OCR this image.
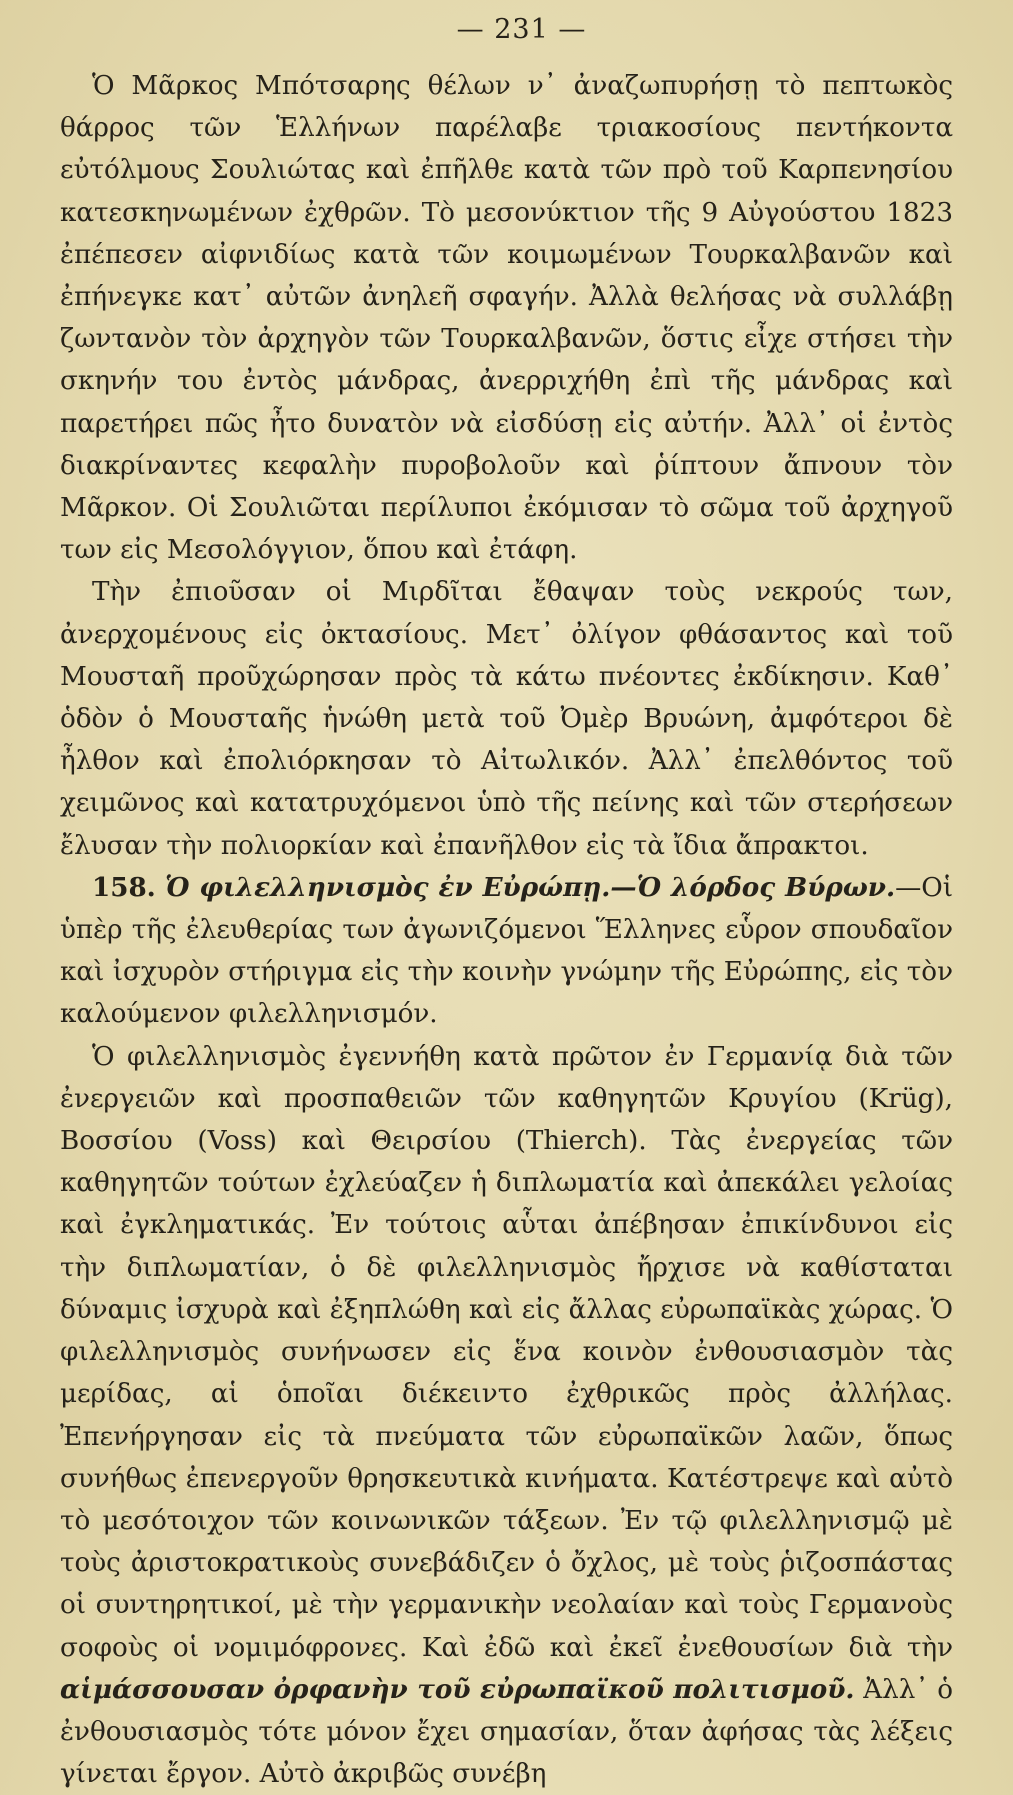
— 231 —

Ὁ Μᾶρκος Μπότσαρης θέλων ν᾽ ἀναζωπυρήσῃ τὸ πεπτωκὸς θάρρος τῶν Ἑλλήνων παρέλαβε τριακοσίους πεντήκοντα εὐτόλμους Σουλιώτας καὶ ἐπῆλθε κατὰ τῶν πρὸ τοῦ Καρπενησίου κατεσκηνωμένων ἐχθρῶν. Τὸ μεσονύκτιον τῆς 9 Αὐγούστου 1823 ἐπέπεσεν αἰφνιδίως κατὰ τῶν κοιμωμένων Τουρκαλβανῶν καὶ ἐπήνεγκε κατ᾽ αὐτῶν ἀνηλεῆ σφαγήν. Ἀλλὰ θελήσας νὰ συλλάβῃ ζωντανὸν τὸν ἀρχηγὸν τῶν Τουρκαλβανῶν, ὅστις εἶχε στήσει τὴν σκηνήν του ἐντὸς μάνδρας, ἀνερριχήθη ἐπὶ τῆς μάνδρας καὶ παρετήρει πῶς ἦτο δυνατὸν νὰ εἰσδύσῃ εἰς αὐτήν. Ἀλλ᾽ οἱ ἐντὸς διακρίναντες κεφαλὴν πυροβολοῦν καὶ ῥίπτουν ἄπνουν τὸν Μᾶρκον. Οἱ Σουλιῶται περίλυποι ἐκόμισαν τὸ σῶμα τοῦ ἀρχηγοῦ των εἰς Μεσολόγγιον, ὅπου καὶ ἐτάφη.

Τὴν ἐπιοῦσαν οἱ Μιρδῖται ἔθαψαν τοὺς νεκρούς των, ἀνερχομένους εἰς ὀκτασίους. Μετ᾽ ὀλίγον φθάσαντος καὶ τοῦ Μουσταῆ προῦχώρησαν πρὸς τὰ κάτω πνέοντες ἐκδίκησιν. Καθ᾽ ὁδὸν ὁ Μουσταῆς ἡνώθη μετὰ τοῦ Ὀμὲρ Βρυώνη, ἀμφότεροι δὲ ἦλθον καὶ ἐπολιόρκησαν τὸ Αἰτωλικόν. Ἀλλ᾽ ἐπελθόντος τοῦ χειμῶνος καὶ κατατρυχόμενοι ὑπὸ τῆς πείνης καὶ τῶν στερήσεων ἔλυσαν τὴν πολιορκίαν καὶ ἐπανῆλθον εἰς τὰ ἴδια ἄπρακτοι.

158. Ὁ φιλελληνισμὸς ἐν Εὐρώπῃ.—Ὁ λόρδος Βύρων.—Οἱ ὑπὲρ τῆς ἐλευθερίας των ἀγωνιζόμενοι Ἕλληνες εὗρον σπουδαῖον καὶ ἰσχυρὸν στήριγμα εἰς τὴν κοινὴν γνώμην τῆς Εὐρώπης, εἰς τὸν καλούμενον φιλελληνισμόν.

Ὁ φιλελληνισμὸς ἐγεννήθη κατὰ πρῶτον ἐν Γερμανίᾳ διὰ τῶν ἐνεργειῶν καὶ προσπαθειῶν τῶν καθηγητῶν Κρυγίου (Krüg), Βοσσίου (Voss) καὶ Θειρσίου (Thierch). Τὰς ἐνεργείας τῶν καθηγητῶν τούτων ἐχλεύαζεν ἡ διπλωματία καὶ ἀπεκάλει γελοίας καὶ ἐγκληματικάς. Ἐν τούτοις αὗται ἀπέβησαν ἐπικίνδυνοι εἰς τὴν διπλωματίαν, ὁ δὲ φιλελληνισμὸς ἤρχισε νὰ καθίσταται δύναμις ἰσχυρὰ καὶ ἐξηπλώθη καὶ εἰς ἄλλας εὐρωπαϊκὰς χώρας. Ὁ φιλελληνισμὸς συνήνωσεν εἰς ἕνα κοινὸν ἐνθουσιασμὸν τὰς μερίδας, αἱ ὁποῖαι διέκειντο ἐχθρικῶς πρὸς ἀλλήλας. Ἐπενήργησαν εἰς τὰ πνεύματα τῶν εὐρωπαϊκῶν λαῶν, ὅπως συνήθως ἐπενεργοῦν θρησκευτικὰ κινήματα. Κατέστρεψε καὶ αὐτὸ τὸ μεσότοιχον τῶν κοινωνικῶν τάξεων. Ἐν τῷ φιλελληνισμῷ μὲ τοὺς ἀριστοκρατικοὺς συνεβάδιζεν ὁ ὄχλος, μὲ τοὺς ῥιζοσπάστας οἱ συντηρητικοί, μὲ τὴν γερμανικὴν νεολαίαν καὶ τοὺς Γερμανοὺς σοφοὺς οἱ νομιμόφρονες. Καὶ ἐδῶ καὶ ἐκεῖ ἐνεθουσίων διὰ τὴν αἱμάσσουσαν ὀρφανὴν τοῦ εὐρωπαϊκοῦ πολιτισμοῦ. Ἀλλ᾽ ὁ ἐνθουσιασμὸς τότε μόνον ἔχει σημασίαν, ὅταν ἀφήσας τὰς λέξεις γίνεται ἔργον. Αὐτὸ ἀκριβῶς συνέβη
